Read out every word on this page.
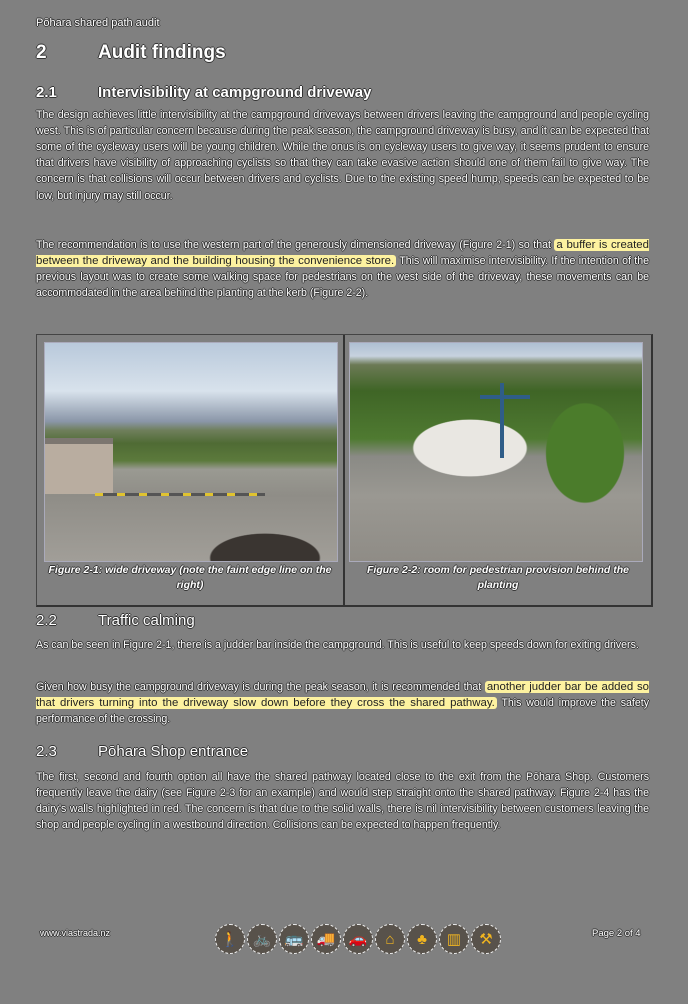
Pōhara shared path audit
2	Audit findings
2.1	Intervisibility at campground driveway

The design achieves little intervisibility at the campground driveways between drivers leaving the campground and people cycling west. This is of particular concern because during the peak season, the campground driveway is busy, and it can be expected that some of the cycleway users will be young children. While the onus is on cycleway users to give way, it seems prudent to ensure that drivers have visibility of approaching cyclists so that they can take evasive action should one of them fail to give way. The concern is that collisions will occur between drivers and cyclists. Due to the existing speed hump, speeds can be expected to be low, but injury may still occur.

The recommendation is to use the western part of the generously dimensioned driveway (Figure 2-1) so that a buffer is created between the driveway and the building housing the convenience store. This will maximise intervisibility. If the intention of the previous layout was to create some walking space for pedestrians on the west side of the driveway, these movements can be accommodated in the area behind the planting at the kerb (Figure 2-2).

Figure 2-1: wide driveway (note the faint edge line on the right)
Figure 2-2: room for pedestrian provision behind the planting
2.2	Traffic calming

As can be seen in Figure 2-1, there is a judder bar inside the campground. This is useful to keep speeds down for exiting drivers.

Given how busy the campground driveway is during the peak season, it is recommended that another judder bar be added so that drivers turning into the driveway slow down before they cross the shared pathway. This would improve the safety performance of the crossing.

2.3	Pōhara Shop entrance

The first, second and fourth option all have the shared pathway located close to the exit from the Pōhara Shop. Customers frequently leave the dairy (see Figure 2-3 for an example) and would step straight onto the shared pathway. Figure 2-4 has the dairy's walls highlighted in red. The concern is that due to the solid walls, there is nil intervisibility between customers leaving the shop and people cycling in a westbound direction. Collisions can be expected to happen frequently.

www.viastrada.nz	🚶 🚲 🚌 🚚 🚗	⌂	♣	▥	⚒	Page 2 of 4
